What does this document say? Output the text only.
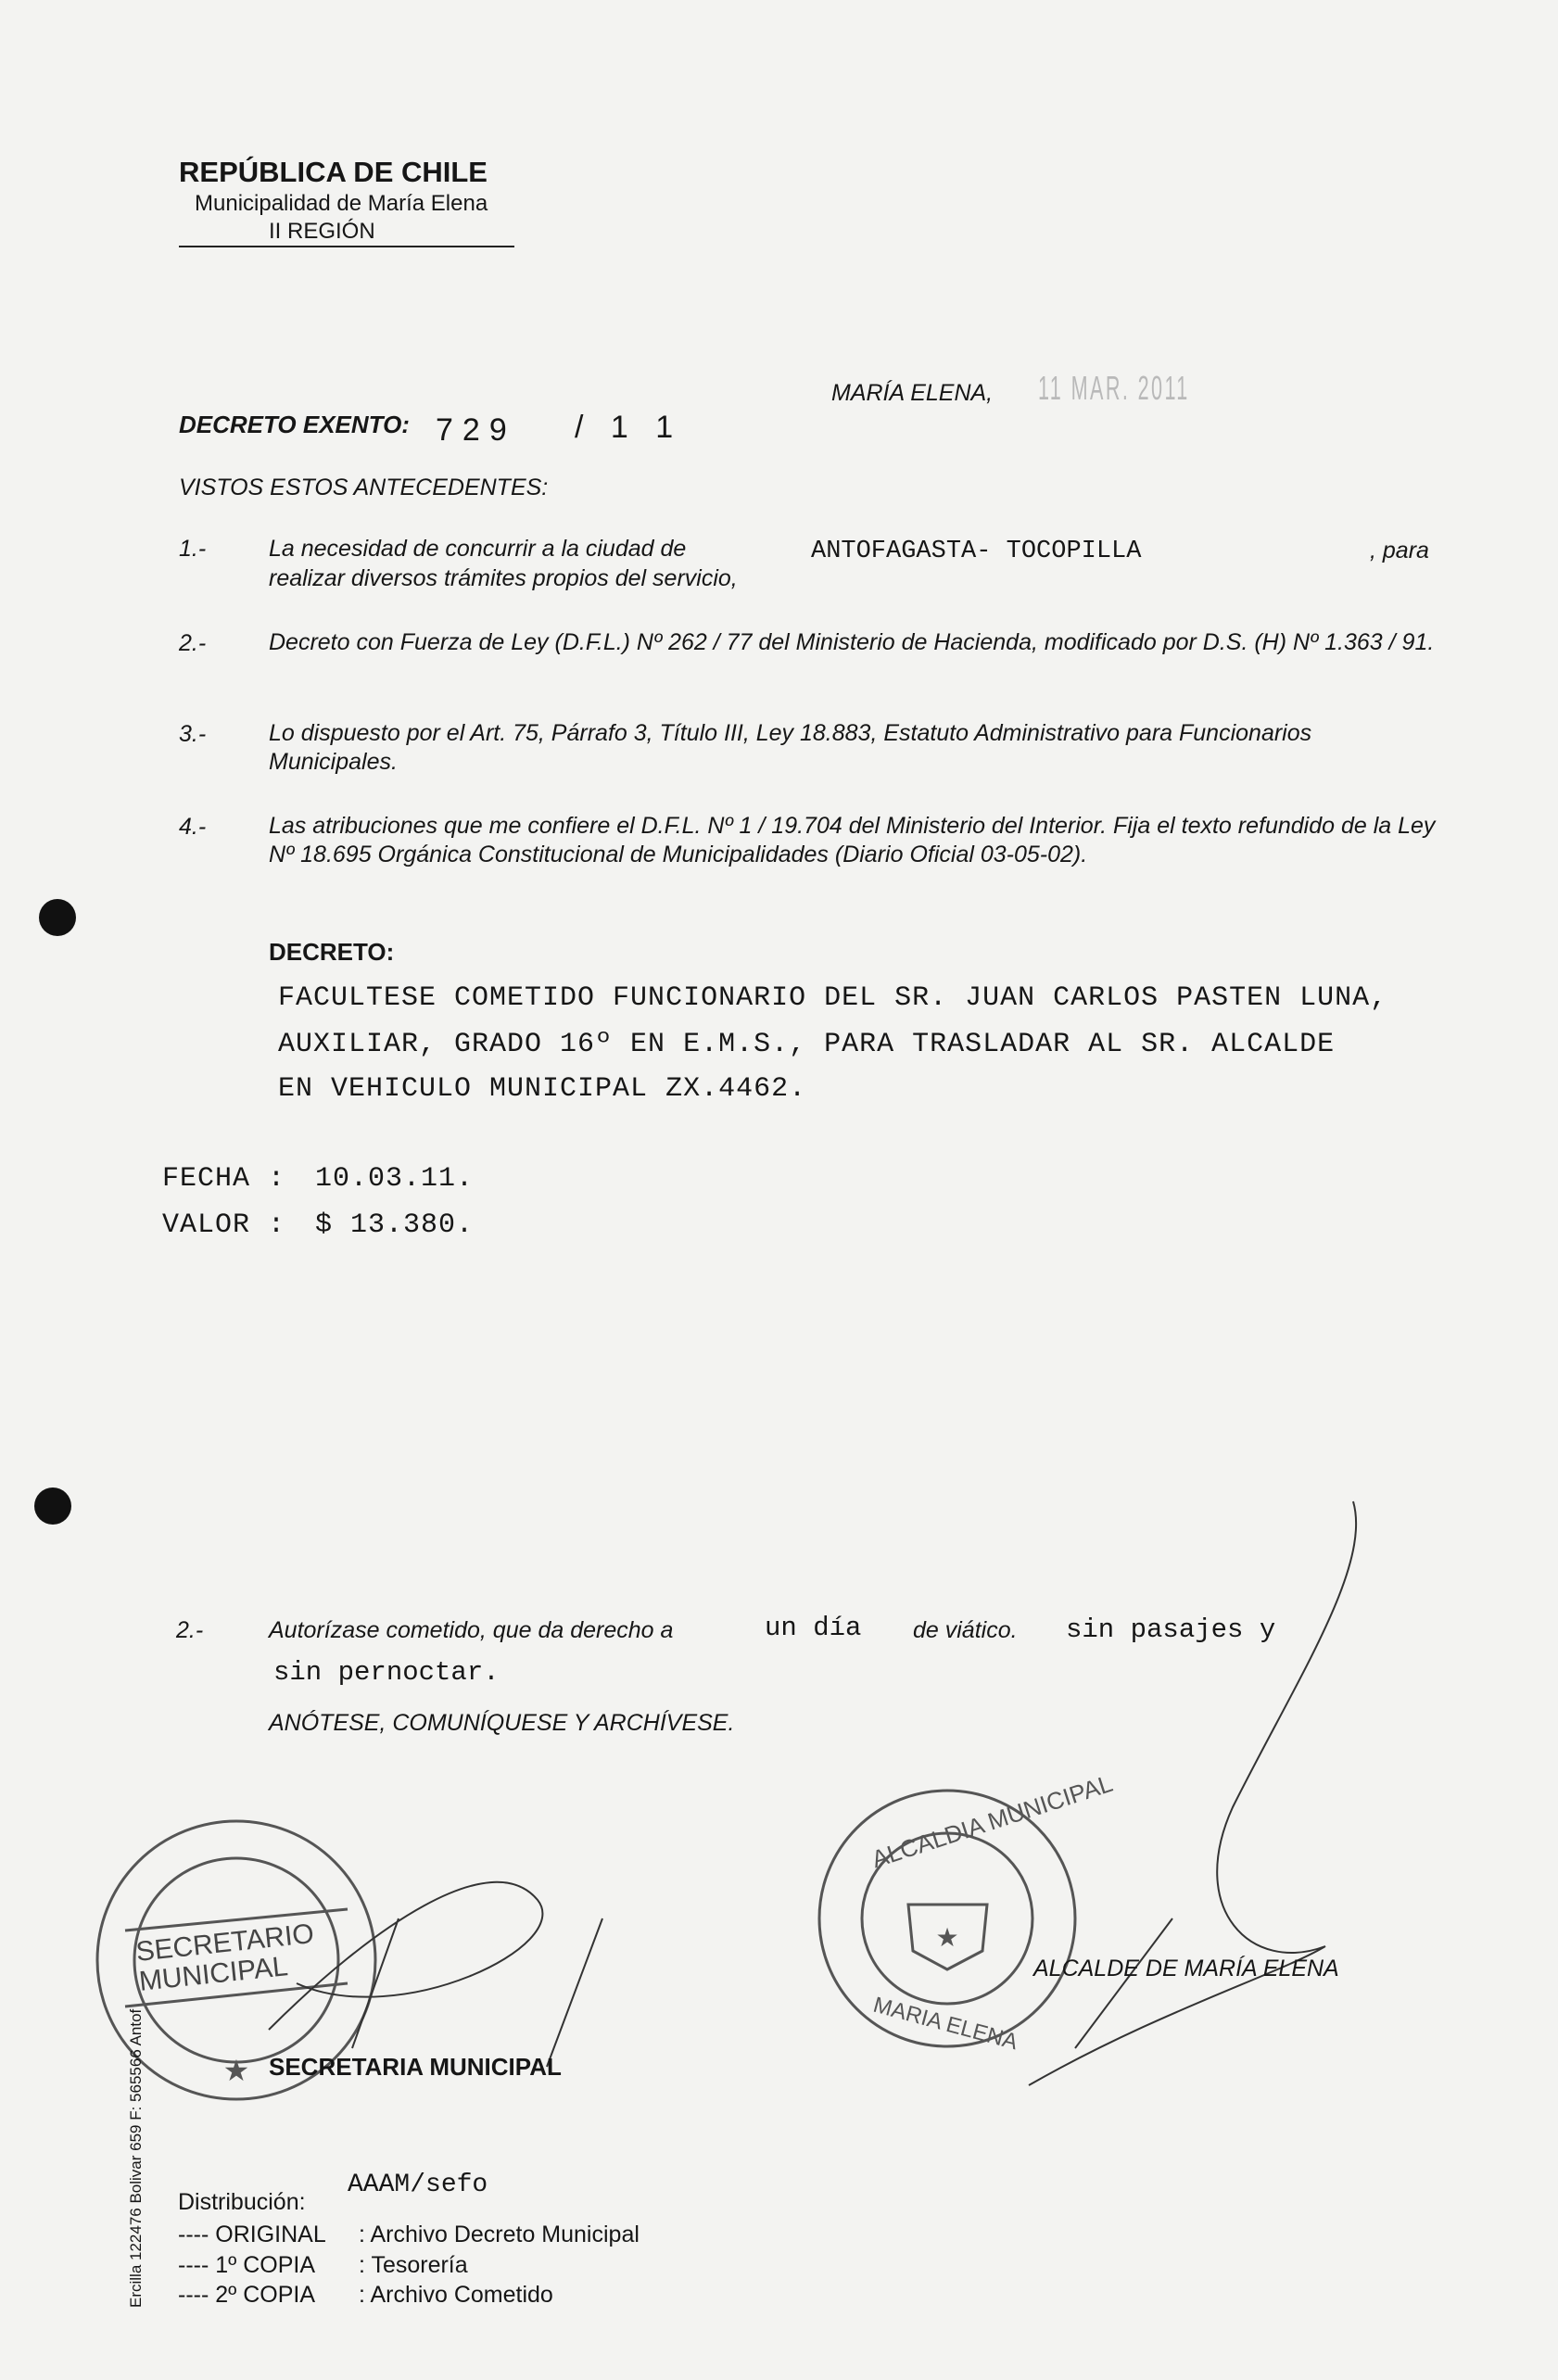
REPÚBLICA DE CHILE
Municipalidad de María Elena
II REGIÓN
MARÍA ELENA, 11 MAR. 2011
DECRETO EXENTO: 729 / 1 1
VISTOS ESTOS ANTECEDENTES:
1.-	La necesidad de concurrir a la ciudad de	ANTOFAGASTA- TOCOPILLA	, para
realizar diversos trámites propios del servicio,
2.-	Decreto con Fuerza de Ley (D.F.L.) Nº 262 / 77 del Ministerio de Hacienda, modificado por D.S. (H) Nº 1.363 / 91.
3.-	Lo dispuesto por el Art. 75, Párrafo 3, Título III, Ley 18.883, Estatuto Administrativo para Funcionarios Municipales.
4.-	Las atribuciones que me confiere el D.F.L. Nº 1 / 19.704 del Ministerio del Interior. Fija el texto refundido de la Ley Nº 18.695 Orgánica Constitucional de Municipalidades (Diario Oficial 03-05-02).
DECRETO:
FACULTESE COMETIDO FUNCIONARIO DEL SR. JUAN CARLOS PASTEN LUNA,
AUXILIAR, GRADO 16º EN E.M.S., PARA TRASLADAR AL SR. ALCALDE
EN VEHICULO MUNICIPAL ZX.4462.
FECHA : 10.03.11.
VALOR : $ 13.380.
2.-	Autorízase cometido, que da derecho a	un día de viático. sin pasajes y
sin pernoctar.
ANÓTESE, COMUNÍQUESE Y ARCHÍVESE.
★
SECRETARIO MUNICIPAL
SECRETARIA MUNICIPAL
★
ALCALDIA MUNICIPAL
MARIA ELENA
ALCALDE DE MARÍA ELENA
AAAM/sefo
Distribución:
---- ORIGINAL : Archivo Decreto Municipal
---- 1º COPIA : Tesorería
---- 2º COPIA : Archivo Cometido
Ercilla 122476 Bolivar 659 F: 565566 Antof
